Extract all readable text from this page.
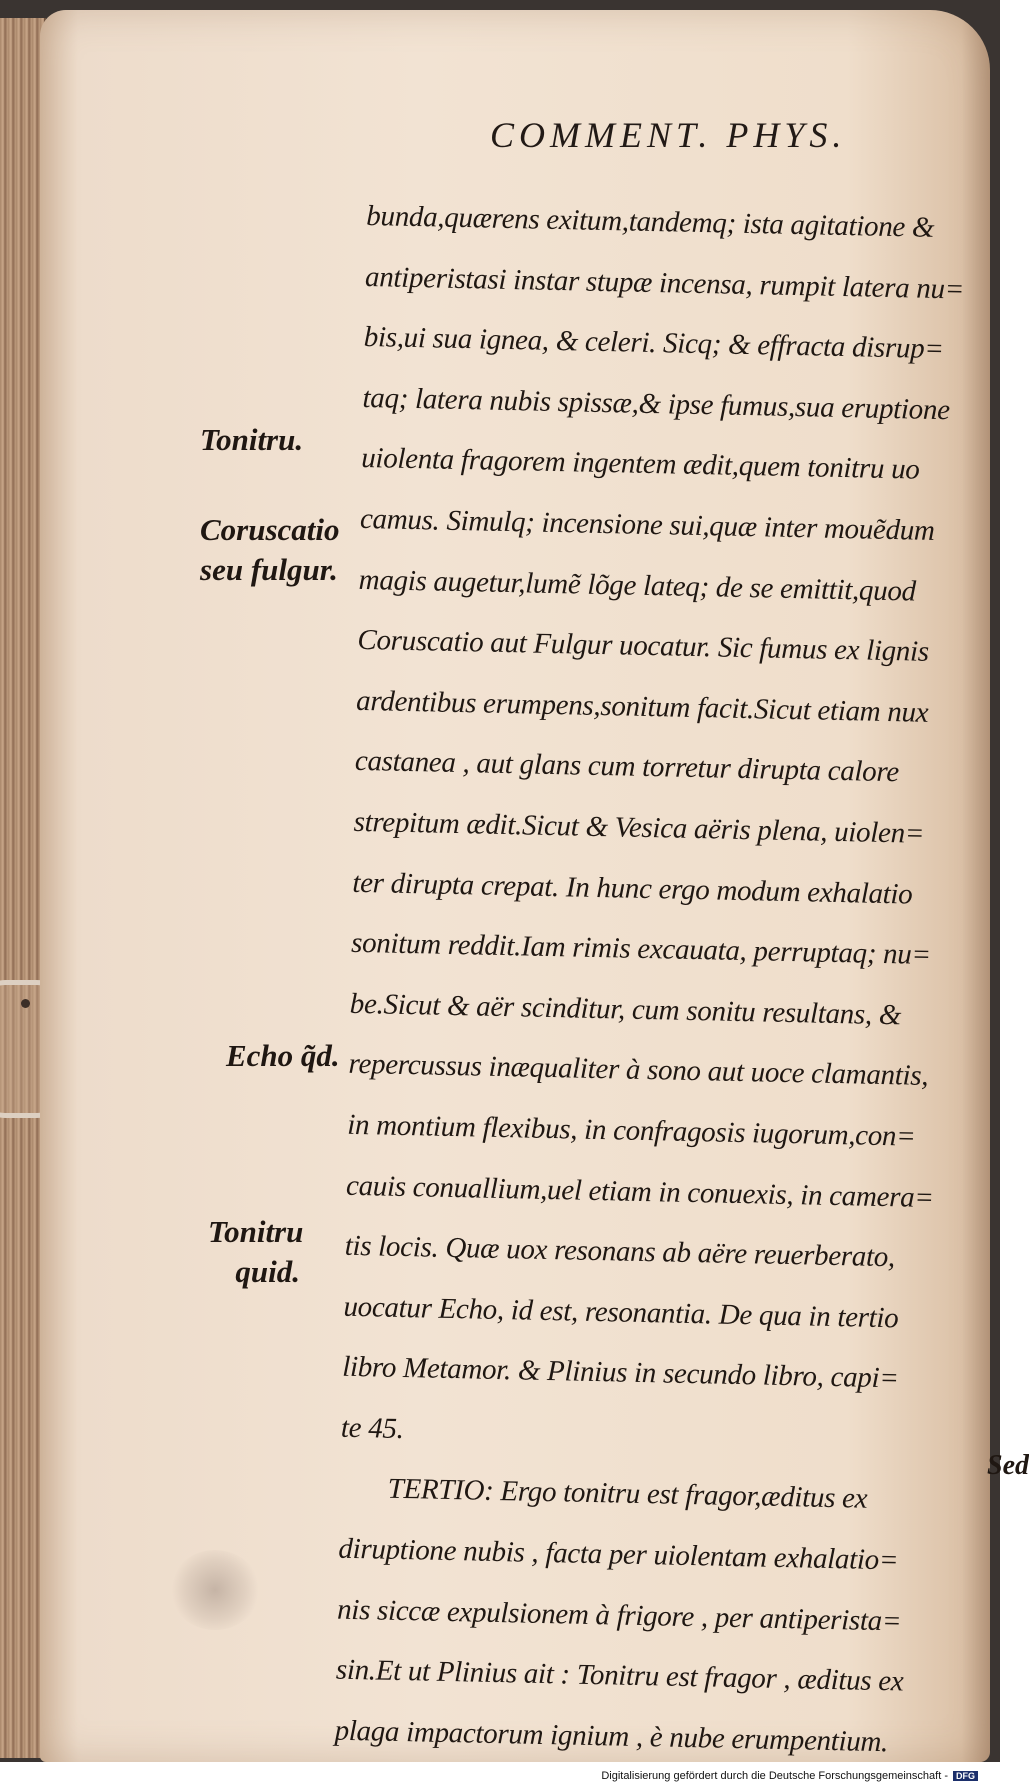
COMMENT. PHYS.
bunda,quærens exitum,tandemq; ista agitatione &
antiperistasi instar stupæ incensa, rumpit latera nu=
bis,ui sua ignea, & celeri. Sicq; & effracta disrup=
taq; latera nubis spissæ,& ipse fumus,sua eruptione
uiolenta fragorem ingentem ædit,quem tonitru uo
camus. Simulq; incensione sui,quæ inter mouẽdum
magis augetur,lumẽ lõge lateq; de se emittit,quod
Coruscatio aut Fulgur uocatur. Sic fumus ex lignis
ardentibus erumpens,sonitum facit.Sicut etiam nux
castanea , aut glans cum torretur dirupta calore
strepitum ædit.Sicut & Vesica aëris plena, uiolen=
ter dirupta crepat. In hunc ergo modum exhalatio
sonitum reddit.Iam rimis excauata, perruptaq; nu=
be.Sicut & aër scinditur, cum sonitu resultans, &
repercussus inæqualiter à sono aut uoce clamantis,
in montium flexibus, in confragosis iugorum,con=
cauis conuallium,uel etiam in conuexis, in camera=
tis locis. Quæ uox resonans ab aëre reuerberato,
uocatur Echo, id est, resonantia. De qua in tertio
libro Metamor. & Plinius in secundo libro, capi=
te 45.
TERTIO: Ergo tonitru est fragor,æditus ex
diruptione nubis , facta per uiolentam exhalatio=
nis siccæ expulsionem à frigore , per antiperista=
sin.Et ut Plinius ait : Tonitru est fragor , æditus ex
plaga impactorum ignium , è nube erumpentium.

Tonitru.

Coruscatio
seu fulgur.

Echo q̃d.

Tonitru
quid.

Sed

Digitalisierung gefördert durch die Deutsche Forschungsgemeinschaft - DFG
